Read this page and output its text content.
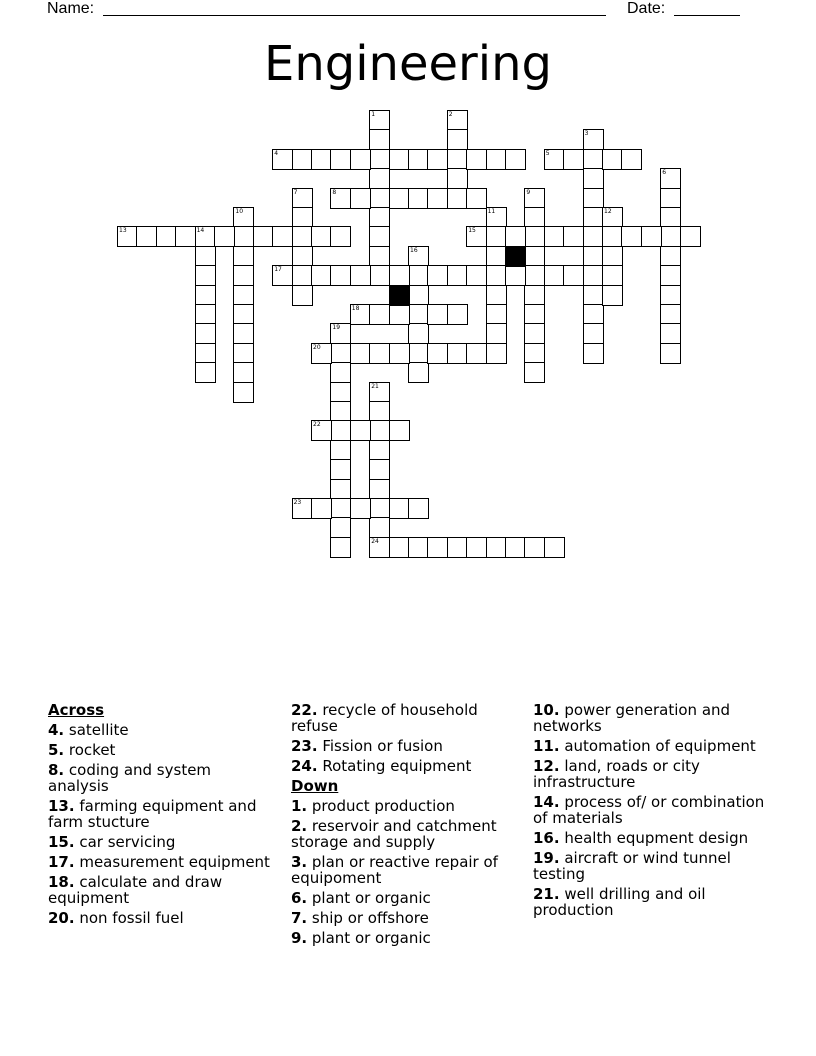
Name:	Date:
Engineering
1	2
3
4	5
6
7	8	9
10	11	12
13	14	15
16
17
18
19
20
21
22
23
24
Across
4. satellite
5. rocket
8. coding and system analysis
13. farming equipment and farm stucture
15. car servicing
17. measurement equipment
18. calculate and draw equipment
20. non fossil fuel
22. recycle of household refuse
23. Fission or fusion
24. Rotating equipment
Down
1. product production
2. reservoir and catchment storage and supply
3. plan or reactive repair of equipoment
6. plant or organic
7. ship or offshore
9. plant or organic
10. power generation and networks
11. automation of equipment
12. land, roads or city infrastructure
14. process of/ or combination of materials
16. health equpment design
19. aircraft or wind tunnel testing
21. well drilling and oil production
